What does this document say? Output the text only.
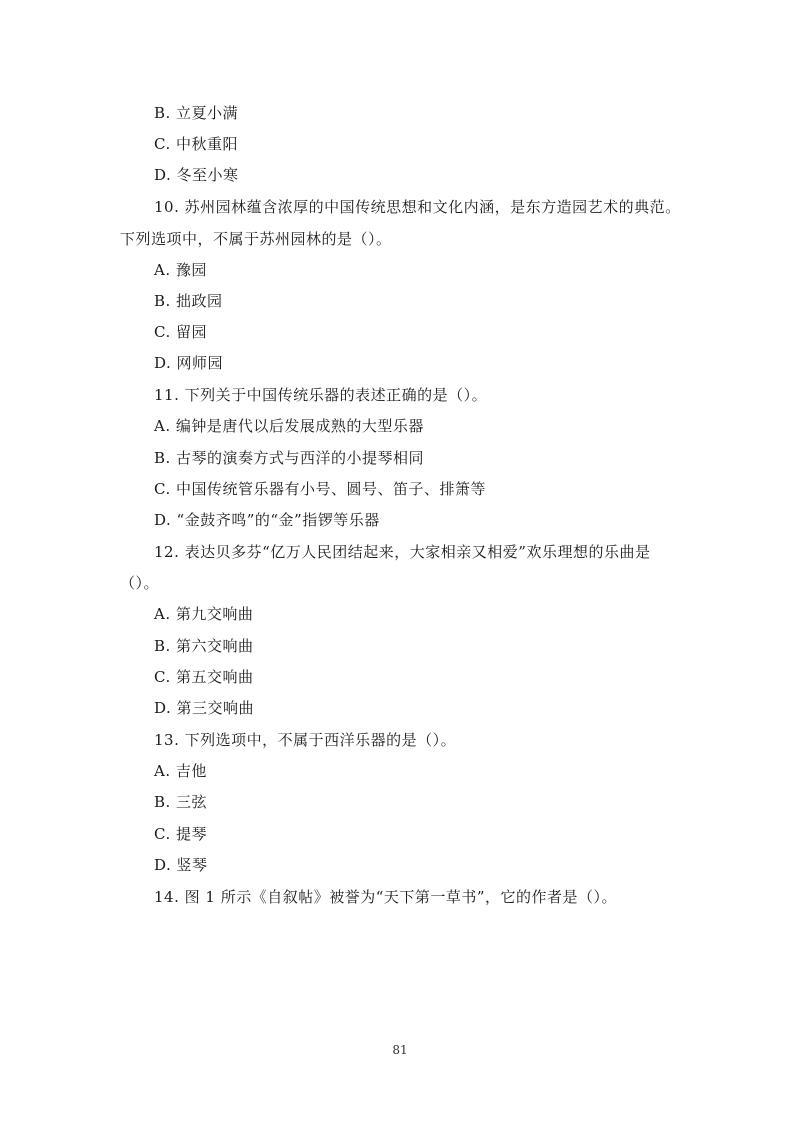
B. 立夏小满
C. 中秋重阳
D. 冬至小寒
10. 苏州园林蕴含浓厚的中国传统思想和文化内涵，是东方造园艺术的典范。
下列选项中，不属于苏州园林的是（）。
A. 豫园
B. 拙政园
C. 留园
D. 网师园
11. 下列关于中国传统乐器的表述正确的是（）。
A. 编钟是唐代以后发展成熟的大型乐器
B. 古琴的演奏方式与西洋的小提琴相同
C. 中国传统管乐器有小号、圆号、笛子、排箫等
D. “金鼓齐鸣”的“金”指锣等乐器
12. 表达贝多芬“亿万人民团结起来，大家相亲又相爱”欢乐理想的乐曲是
（）。
A. 第九交响曲
B. 第六交响曲
C. 第五交响曲
D. 第三交响曲
13. 下列选项中，不属于西洋乐器的是（）。
A. 吉他
B. 三弦
C. 提琴
D. 竖琴
14. 图 1 所示《自叙帖》被誉为“天下第一草书”，它的作者是（）。
81
